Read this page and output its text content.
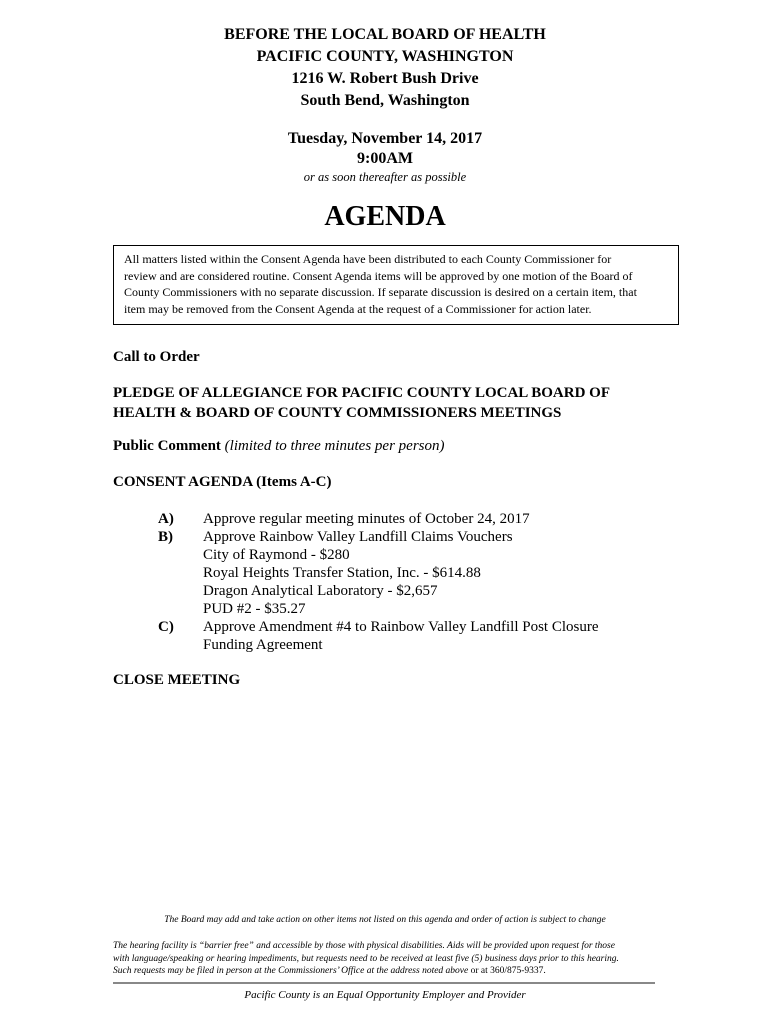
BEFORE THE LOCAL BOARD OF HEALTH
PACIFIC COUNTY, WASHINGTON
1216 W. Robert Bush Drive
South Bend, Washington
Tuesday, November 14, 2017
9:00AM
or as soon thereafter as possible
AGENDA
All matters listed within the Consent Agenda have been distributed to each County Commissioner for
review and are considered routine. Consent Agenda items will be approved by one motion of the Board of
County Commissioners with no separate discussion. If separate discussion is desired on a certain item, that
item may be removed from the Consent Agenda at the request of a Commissioner for action later.
Call to Order
PLEDGE OF ALLEGIANCE FOR PACIFIC COUNTY LOCAL BOARD OF
HEALTH & BOARD OF COUNTY COMMISSIONERS MEETINGS
Public Comment (limited to three minutes per person)
CONSENT AGENDA (Items A-C)
A) Approve regular meeting minutes of October 24, 2017
B) Approve Rainbow Valley Landfill Claims Vouchers
City of Raymond - $280
Royal Heights Transfer Station, Inc. - $614.88
Dragon Analytical Laboratory - $2,657
PUD #2 - $35.27
C) Approve Amendment #4 to Rainbow Valley Landfill Post Closure
Funding Agreement
CLOSE MEETING
The Board may add and take action on other items not listed on this agenda and order of action is subject to change
The hearing facility is “barrier free” and accessible by those with physical disabilities. Aids will be provided upon request for those
with language/speaking or hearing impediments, but requests need to be received at least five (5) business days prior to this hearing.
Such requests may be filed in person at the Commissioners’ Office at the address noted above or at 360/875-9337.
Pacific County is an Equal Opportunity Employer and Provider
